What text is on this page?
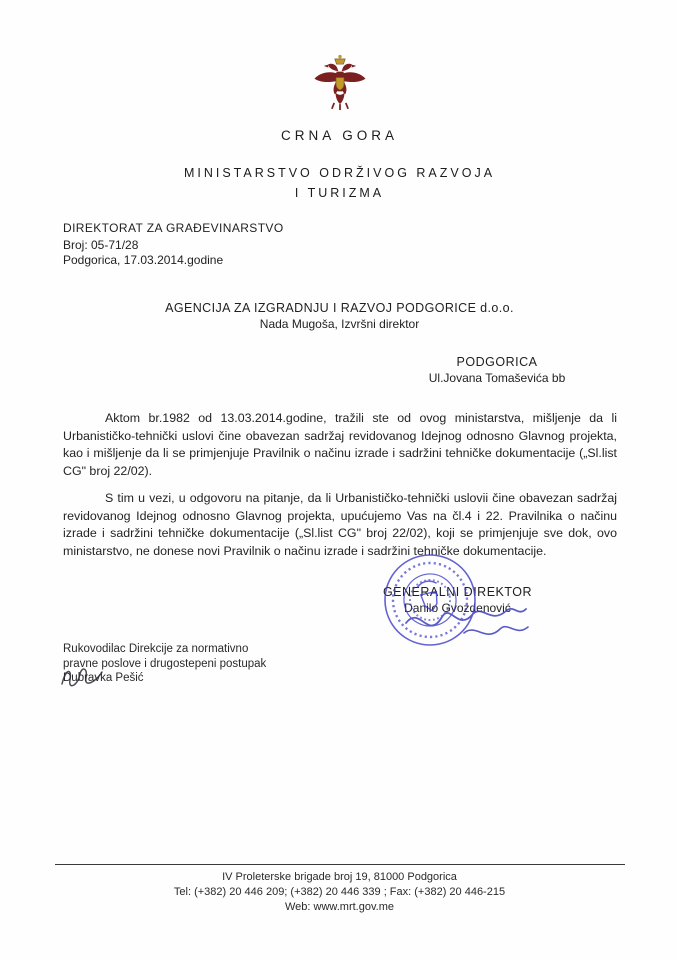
CRNA GORA
MINISTARSTVO ODRŽIVOG RAZVOJA
I TURIZMA
DIREKTORAT ZA GRAĐEVINARSTVO
Broj: 05-71/28
Podgorica, 17.03.2014.godine
AGENCIJA ZA IZGRADNJU I RAZVOJ PODGORICE d.o.o.
Nada Mugoša, Izvršni direktor
PODGORICA
Ul.Jovana Tomaševića bb

Aktom br.1982 od 13.03.2014.godine, tražili ste od ovog ministarstva, mišljenje da li Urbanističko-tehnički uslovi čine obavezan sadržaj revidovanog Idejnog odnosno Glavnog projekta, kao i mišljenje da li se primjenjuje Pravilnik o načinu izrade i sadržini tehničke dokumentacije („Sl.list CG" broj 22/02).

S tim u vezi, u odgovoru na pitanje, da li Urbanističko-tehnički uslovii čine obavezan sadržaj revidovanog Idejnog odnosno Glavnog projekta, upućujemo Vas na čl.4 i 22. Pravilnika o načinu izrade i sadržini tehničke dokumentacije („Sl.list CG" broj 22/02), koji se primjenjuje sve dok, ovo ministarstvo, ne donese novi Pravilnik o načinu izrade i sadržini tehničke dokumentacije.

GENERALNI DIREKTOR
Danilo Gvozdenović
Rukovodilac Direkcije za normativno
pravne poslove i drugostepeni postupak
Dubravka Pešić
IV Proleterske brigade broj 19, 81000 Podgorica
Tel: (+382) 20 446 209; (+382) 20 446 339 ; Fax: (+382) 20 446-215
Web: www.mrt.gov.me
